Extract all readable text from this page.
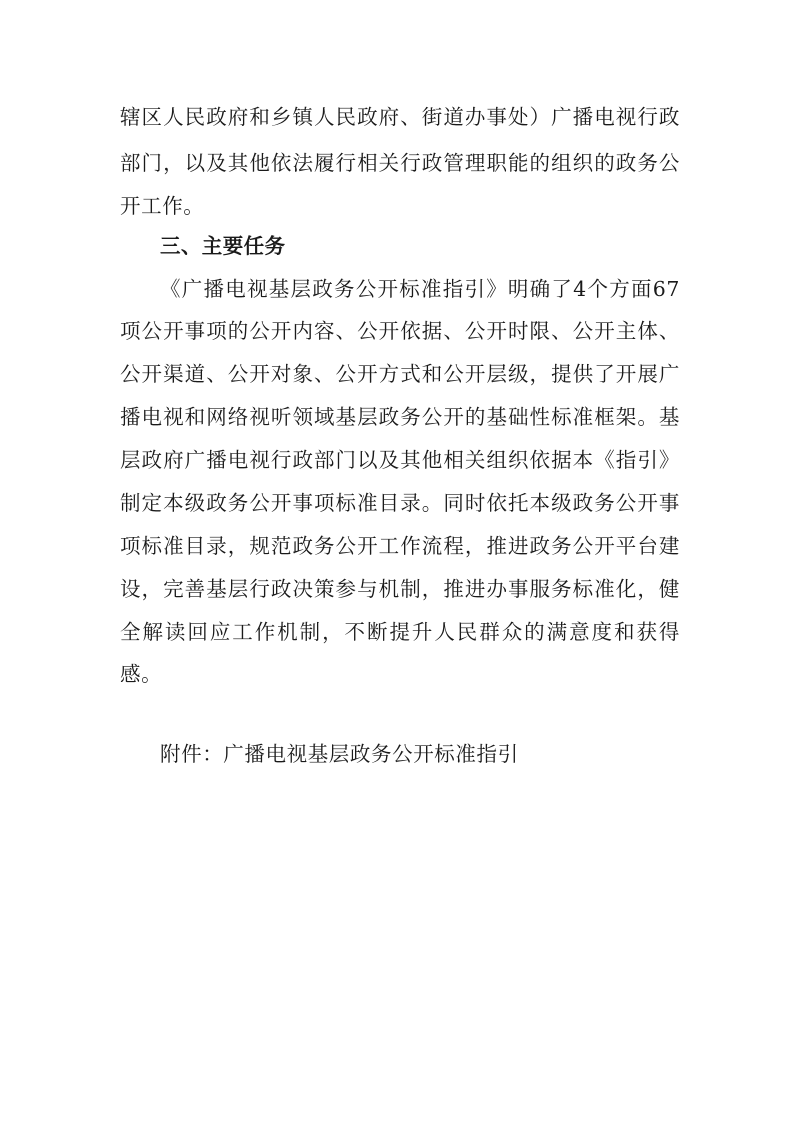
辖区人民政府和乡镇人民政府、街道办事处）广播电视行政
部门，以及其他依法履行相关行政管理职能的组织的政务公
开工作。
三、主要任务
《广播电视基层政务公开标准指引》明确了4个方面67
项公开事项的公开内容、公开依据、公开时限、公开主体、
公开渠道、公开对象、公开方式和公开层级，提供了开展广
播电视和网络视听领域基层政务公开的基础性标准框架。基
层政府广播电视行政部门以及其他相关组织依据本《指引》
制定本级政务公开事项标准目录。同时依托本级政务公开事
项标准目录，规范政务公开工作流程，推进政务公开平台建
设，完善基层行政决策参与机制，推进办事服务标准化，健
全解读回应工作机制，不断提升人民群众的满意度和获得
感。
附件：广播电视基层政务公开标准指引
